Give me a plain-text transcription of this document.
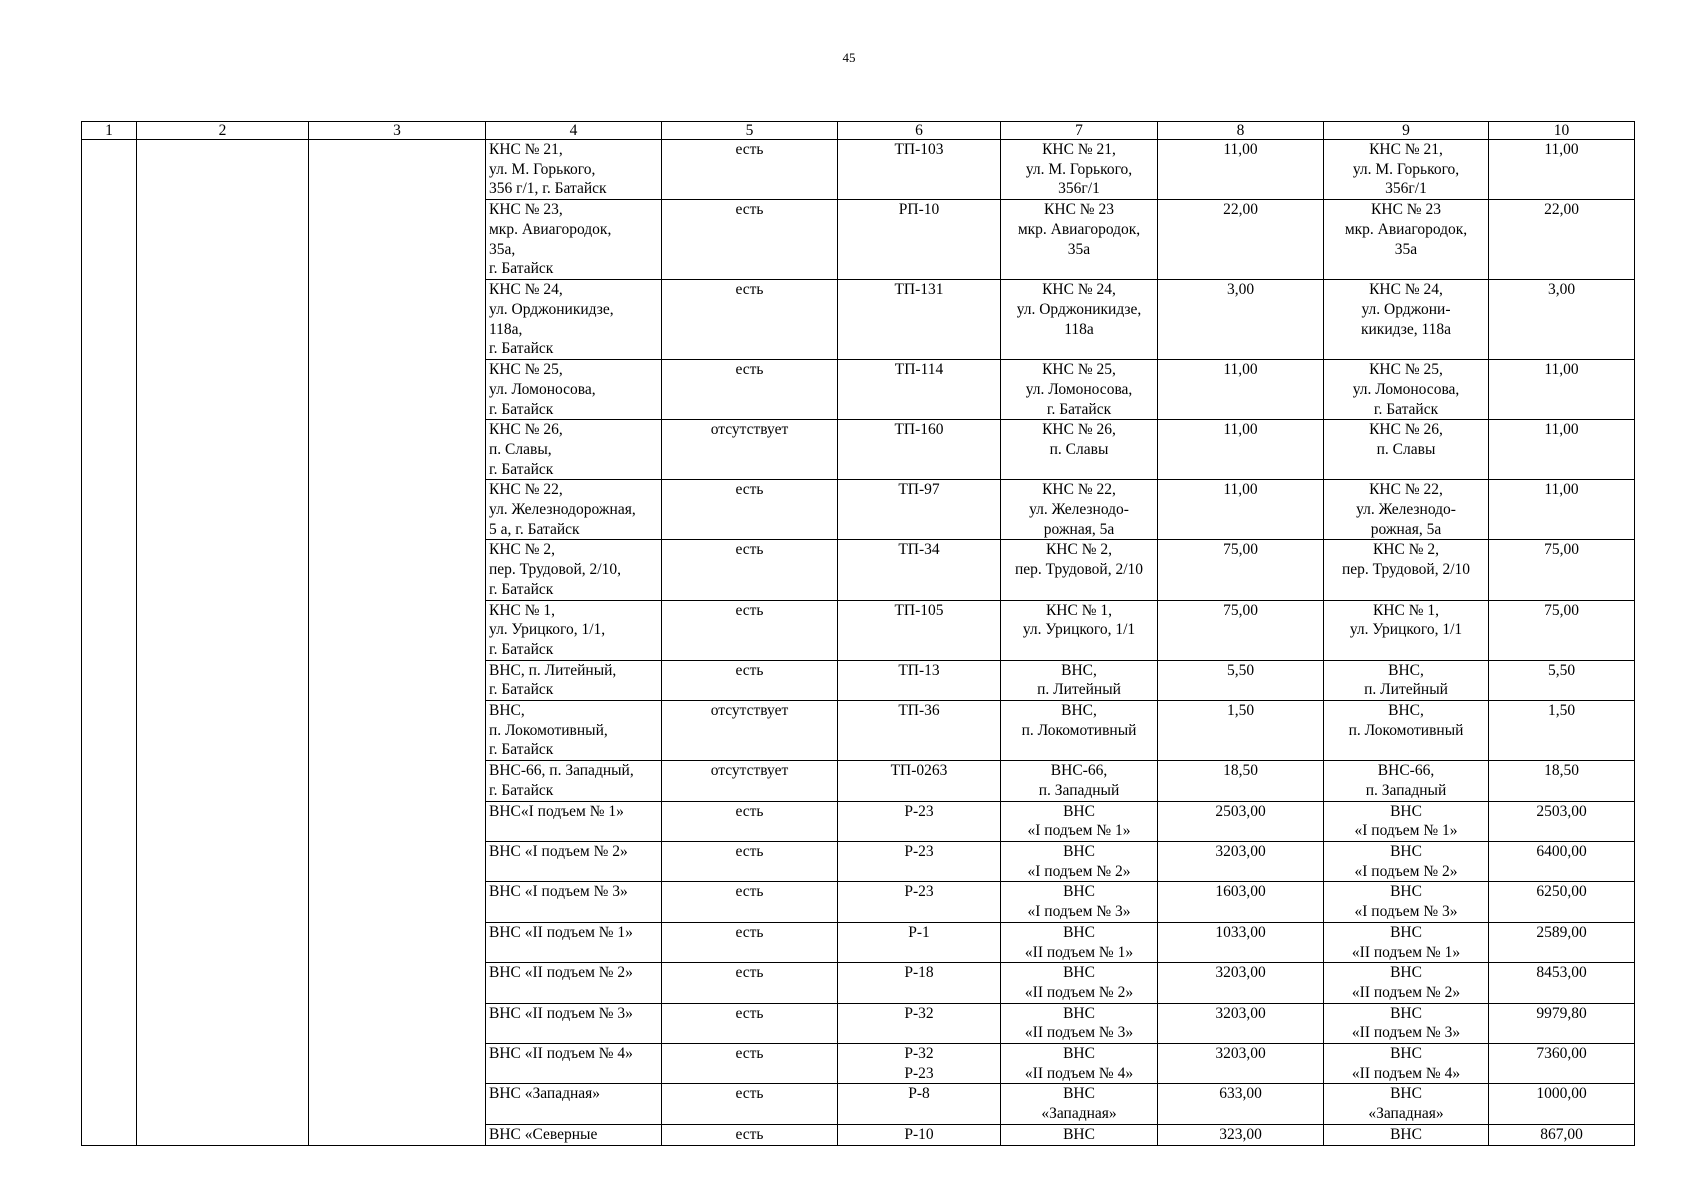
45
1	2	3	4	5	6	7	8	9	10

			КНС № 21,
ул. М. Горького,
356 г/1, г. Батайск	есть	ТП-103	КНС № 21,
ул. М. Горького,
356г/1	11,00	КНС № 21,
ул. М. Горького,
356г/1	11,00

			КНС № 23,
мкр. Авиагородок,
35а,
г. Батайск	есть	РП-10	КНС № 23
мкр. Авиагородок,
35а	22,00	КНС № 23
мкр. Авиагородок,
35а	22,00

			КНС № 24,
ул. Орджоникидзе,
118а,
г. Батайск	есть	ТП-131	КНС № 24,
ул. Орджоникидзе,
118а	3,00	КНС № 24,
ул. Орджони-
кикидзе, 118а	3,00

			КНС № 25,
ул. Ломоносова,
г. Батайск	есть	ТП-114	КНС № 25,
ул. Ломоносова,
г. Батайск	11,00	КНС № 25,
ул. Ломоносова,
г. Батайск	11,00

			КНС № 26,
п. Славы,
г. Батайск	отсутствует	ТП-160	КНС № 26,
п. Славы	11,00	КНС № 26,
п. Славы	11,00

			КНС № 22,
ул. Железнодорожная,
5 а, г. Батайск	есть	ТП-97	КНС № 22,
ул. Железнодо-
рожная, 5а	11,00	КНС № 22,
ул. Железнодо-
рожная, 5а	11,00

			КНС № 2,
пер. Трудовой, 2/10,
г. Батайск	есть	ТП-34	КНС № 2,
пер. Трудовой, 2/10	75,00	КНС № 2,
пер. Трудовой, 2/10	75,00

			КНС № 1,
ул. Урицкого, 1/1,
г. Батайск	есть	ТП-105	КНС № 1,
ул. Урицкого, 1/1	75,00	КНС № 1,
ул. Урицкого, 1/1	75,00

			ВНС, п. Литейный,
г. Батайск	есть	ТП-13	ВНС,
п. Литейный	5,50	ВНС,
п. Литейный	5,50

			ВНС,
п. Локомотивный,
г. Батайск	отсутствует	ТП-36	ВНС,
п. Локомотивный	1,50	ВНС,
п. Локомотивный	1,50

			ВНС-66, п. Западный,
г. Батайск	отсутствует	ТП-0263	ВНС-66,
п. Западный	18,50	ВНС-66,
п. Западный	18,50

			ВНС«I подъем № 1»	есть	Р-23	ВНС
«I подъем № 1»	2503,00	ВНС
«I подъем № 1»	2503,00

			ВНС «I подъем № 2»	есть	Р-23	ВНС
«I подъем № 2»	3203,00	ВНС
«I подъем № 2»	6400,00

			ВНС «I подъем № 3»	есть	Р-23	ВНС
«I подъем № 3»	1603,00	ВНС
«I подъем № 3»	6250,00

			ВНС «II подъем № 1»	есть	Р-1	ВНС
«II подъем № 1»	1033,00	ВНС
«II подъем № 1»	2589,00

			ВНС «II подъем № 2»	есть	Р-18	ВНС
«II подъем № 2»	3203,00	ВНС
«II подъем № 2»	8453,00

			ВНС «II подъем № 3»	есть	Р-32	ВНС
«II подъем № 3»	3203,00	ВНС
«II подъем № 3»	9979,80

			ВНС «II подъем № 4»	есть	Р-32
Р-23	ВНС
«II подъем № 4»	3203,00	ВНС
«II подъем № 4»	7360,00

			ВНС «Западная»	есть	Р-8	ВНС
«Западная»	633,00	ВНС
«Западная»	1000,00

			ВНС «Северные	есть	Р-10	ВНС	323,00	ВНС	867,00
